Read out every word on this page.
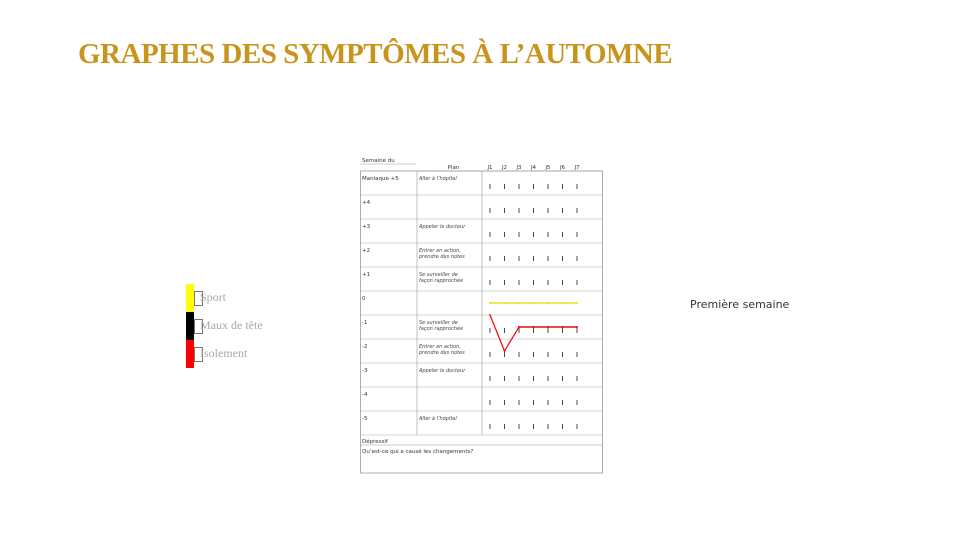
GRAPHES DES SYMPTÔMES À L’AUTOMNE
Sport
Maux de tête
Isolement
Première semaine
Semaine du
Plan	J1 J2 J3 J4 J5 J6 J7
Maniaque +5	Aller à l’hôpital
+4
+3	Appeler le docteur
+2	Entrer en action,
prendre des notes
+1	Se surveiller de
façon rapprochée
0
-1	Se surveiller de
façon rapprochée
-2	Entrer en action,
prendre des notes
-3	Appeler le docteur
-4
-5	Aller à l’hôpital
Dépressif
Qu’est-ce qui a causé les changements?
